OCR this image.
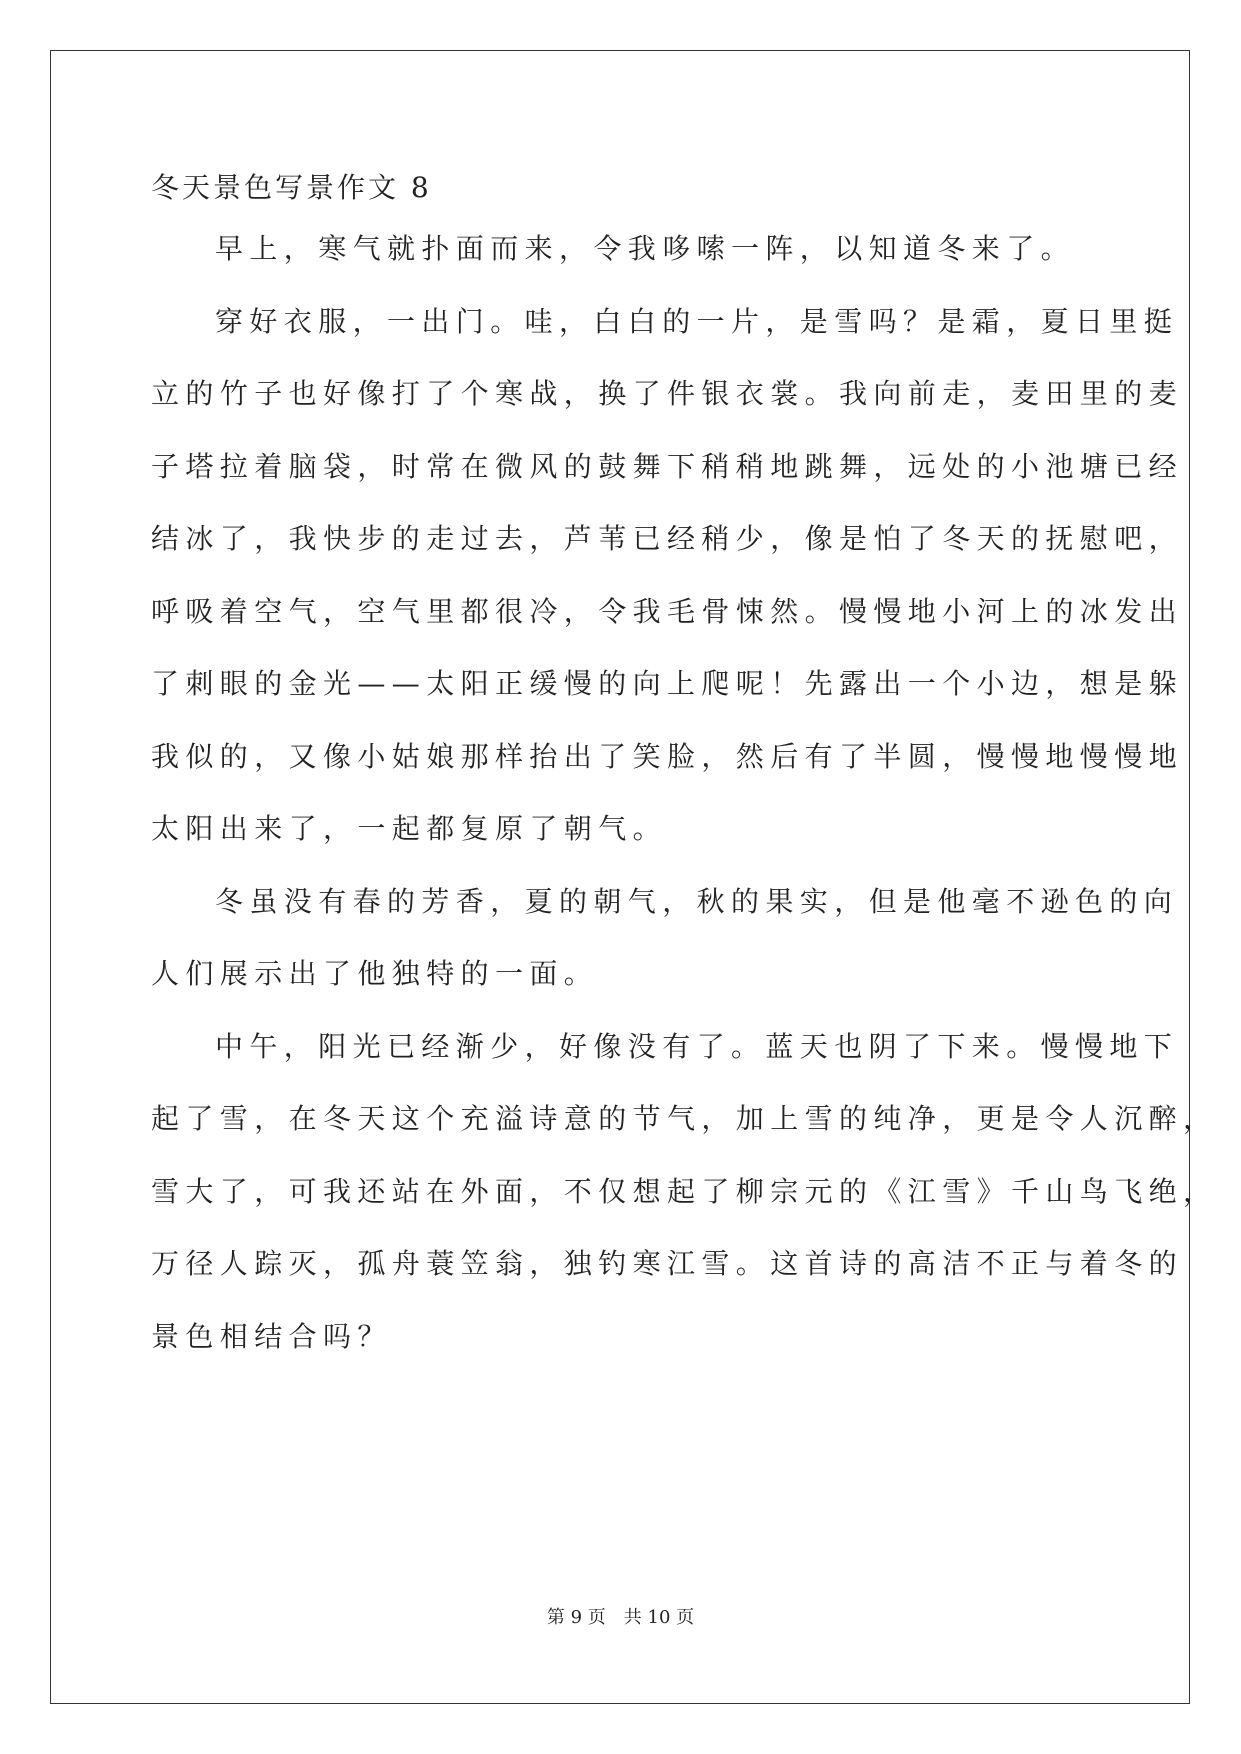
冬天景色写景作文 8
早上，寒气就扑面而来，令我哆嗦一阵，以知道冬来了。
穿好衣服，一出门。哇，白白的一片，是雪吗？是霜，夏日里挺
立的竹子也好像打了个寒战，换了件银衣裳。我向前走，麦田里的麦
子塔拉着脑袋，时常在微风的鼓舞下稍稍地跳舞，远处的小池塘已经
结冰了，我快步的走过去，芦苇已经稍少，像是怕了冬天的抚慰吧，
呼吸着空气，空气里都很冷，令我毛骨悚然。慢慢地小河上的冰发出
了刺眼的金光——太阳正缓慢的向上爬呢！先露出一个小边，想是躲
我似的，又像小姑娘那样抬出了笑脸，然后有了半圆，慢慢地慢慢地
太阳出来了，一起都复原了朝气。
冬虽没有春的芳香，夏的朝气，秋的果实，但是他毫不逊色的向
人们展示出了他独特的一面。
中午，阳光已经渐少，好像没有了。蓝天也阴了下来。慢慢地下
起了雪，在冬天这个充溢诗意的节气，加上雪的纯净，更是令人沉醉，
雪大了，可我还站在外面，不仅想起了柳宗元的《江雪》千山鸟飞绝，
万径人踪灭，孤舟蓑笠翁，独钓寒江雪。这首诗的高洁不正与着冬的
景色相结合吗？
第 9 页　共 10 页
